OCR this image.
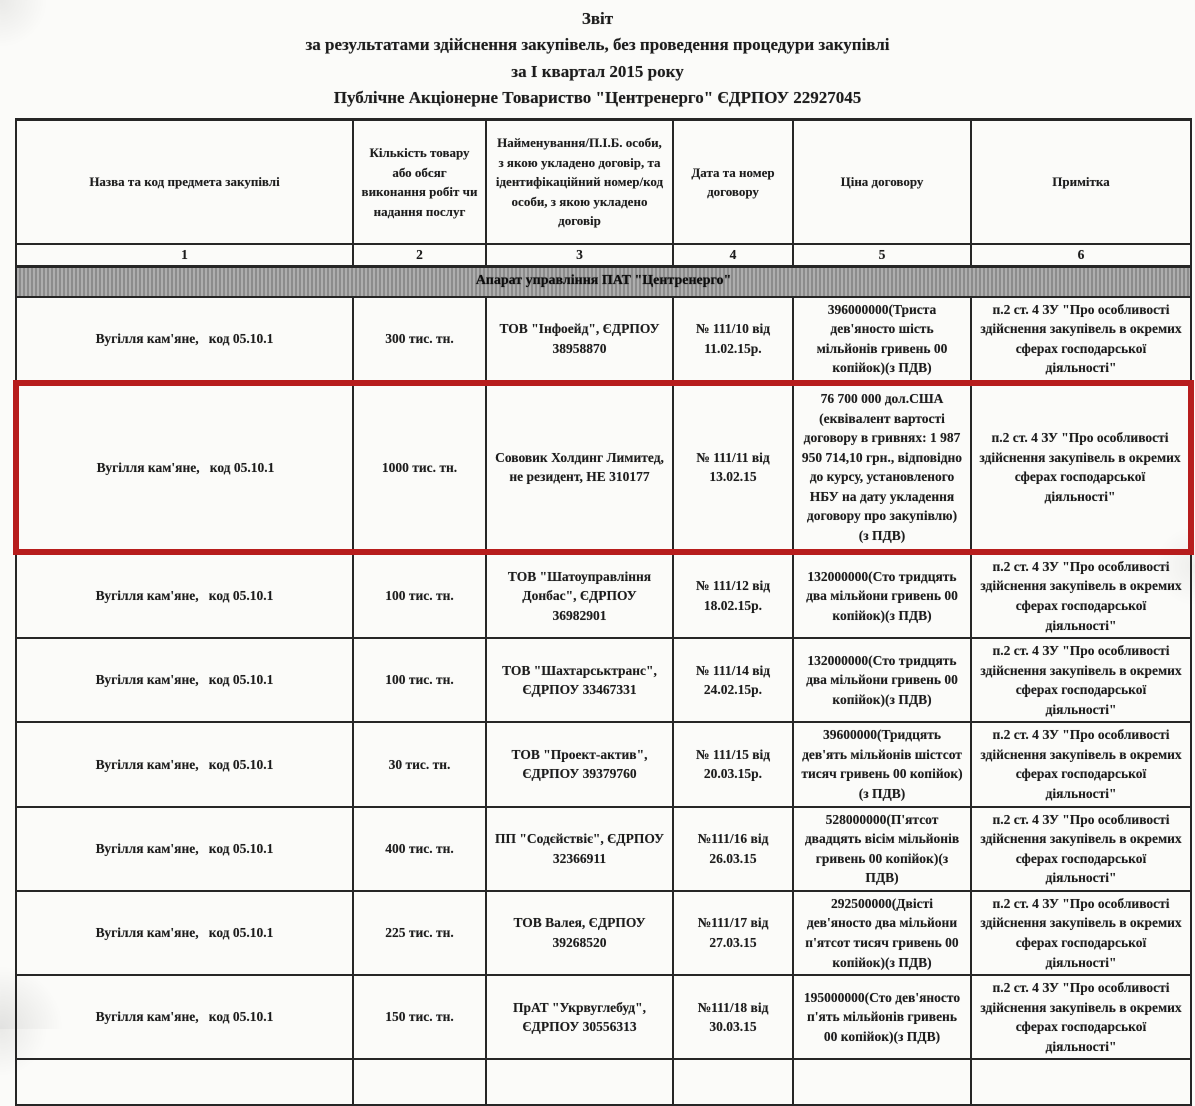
Звіт
за результатами здійснення закупівель, без проведення процедури закупівлі
за I квартал 2015 року
Публічне Акціонерне Товариство "Центренерго" ЄДРПОУ 22927045
Назва та код предмета закупівлі	Кількість товару або обсяг виконання робіт чи надання послуг	Найменування/П.І.Б. особи, з якою укладено договір, та ідентифікаційний номер/код особи, з якою укладено договір	Дата та номер договору	Ціна договору	Примітка
1	2	3	4	5	6
Апарат управління ПАТ "Центренерго"					
Вугілля кам'яне,   код 05.10.1	300 тис. тн.	ТОВ "Інфоейд", ЄДРПОУ 38958870	№ 111/10 від 11.02.15р.	396000000(Триста дев'яносто шість мільйонів гривень 00 копійок)(з ПДВ)	п.2 ст. 4 ЗУ "Про особливості здійснення закупівель в окремих сферах господарської діяльності"
Вугілля кам'яне,   код 05.10.1	1000 тис. тн.	Сововик Холдинг Лимитед, не резидент, НЕ 310177	№ 111/11 від 13.02.15	76 700 000 дол.США (еквівалент вартості договору в гривнях: 1 987 950 714,10 грн., відповідно до курсу, установленого НБУ на дату укладення договору про закупівлю) (з ПДВ)	п.2 ст. 4 ЗУ "Про особливості здійснення закупівель в окремих сферах господарської діяльності"
Вугілля кам'яне,   код 05.10.1	100 тис. тн.	ТОВ "Шатоуправління Донбас", ЄДРПОУ 36982901	№ 111/12 від 18.02.15р.	132000000(Сто тридцять два мільйони гривень 00 копійок)(з ПДВ)	п.2 ст. 4 ЗУ "Про особливості здійснення закупівель в окремих сферах господарської діяльності"
Вугілля кам'яне,   код 05.10.1	100 тис. тн.	ТОВ "Шахтарськтранс", ЄДРПОУ 33467331	№ 111/14 від 24.02.15р.	132000000(Сто тридцять два мільйони гривень 00 копійок)(з ПДВ)	п.2 ст. 4 ЗУ "Про особливості здійснення закупівель в окремих сферах господарської діяльності"
Вугілля кам'яне,   код 05.10.1	30 тис. тн.	ТОВ "Проект-актив", ЄДРПОУ 39379760	№ 111/15 від 20.03.15р.	39600000(Тридцять дев'ять мільйонів шістсот тисяч гривень 00 копійок)(з ПДВ)	п.2 ст. 4 ЗУ "Про особливості здійснення закупівель в окремих сферах господарської діяльності"
Вугілля кам'яне,   код 05.10.1	400 тис. тн.	ПП "Содєйствіє", ЄДРПОУ 32366911	№111/16 від 26.03.15	528000000(П'ятсот двадцять вісім мільйонів гривень 00 копійок)(з ПДВ)	п.2 ст. 4 ЗУ "Про особливості здійснення закупівель в окремих сферах господарської діяльності"
Вугілля кам'яне,   код 05.10.1	225 тис. тн.	ТОВ Валея, ЄДРПОУ 39268520	№111/17 від 27.03.15	292500000(Двісті дев'яносто два мільйони п'ятсот тисяч гривень 00 копійок)(з ПДВ)	п.2 ст. 4 ЗУ "Про особливості здійснення закупівель в окремих сферах господарської діяльності"
Вугілля кам'яне,   код 05.10.1	150 тис. тн.	ПрАТ "Укрвуглебуд", ЄДРПОУ 30556313	№111/18 від 30.03.15	195000000(Сто дев'яносто п'ять мільйонів гривень 00 копійок)(з ПДВ)	п.2 ст. 4 ЗУ "Про особливості здійснення закупівель в окремих сферах господарської діяльності"
